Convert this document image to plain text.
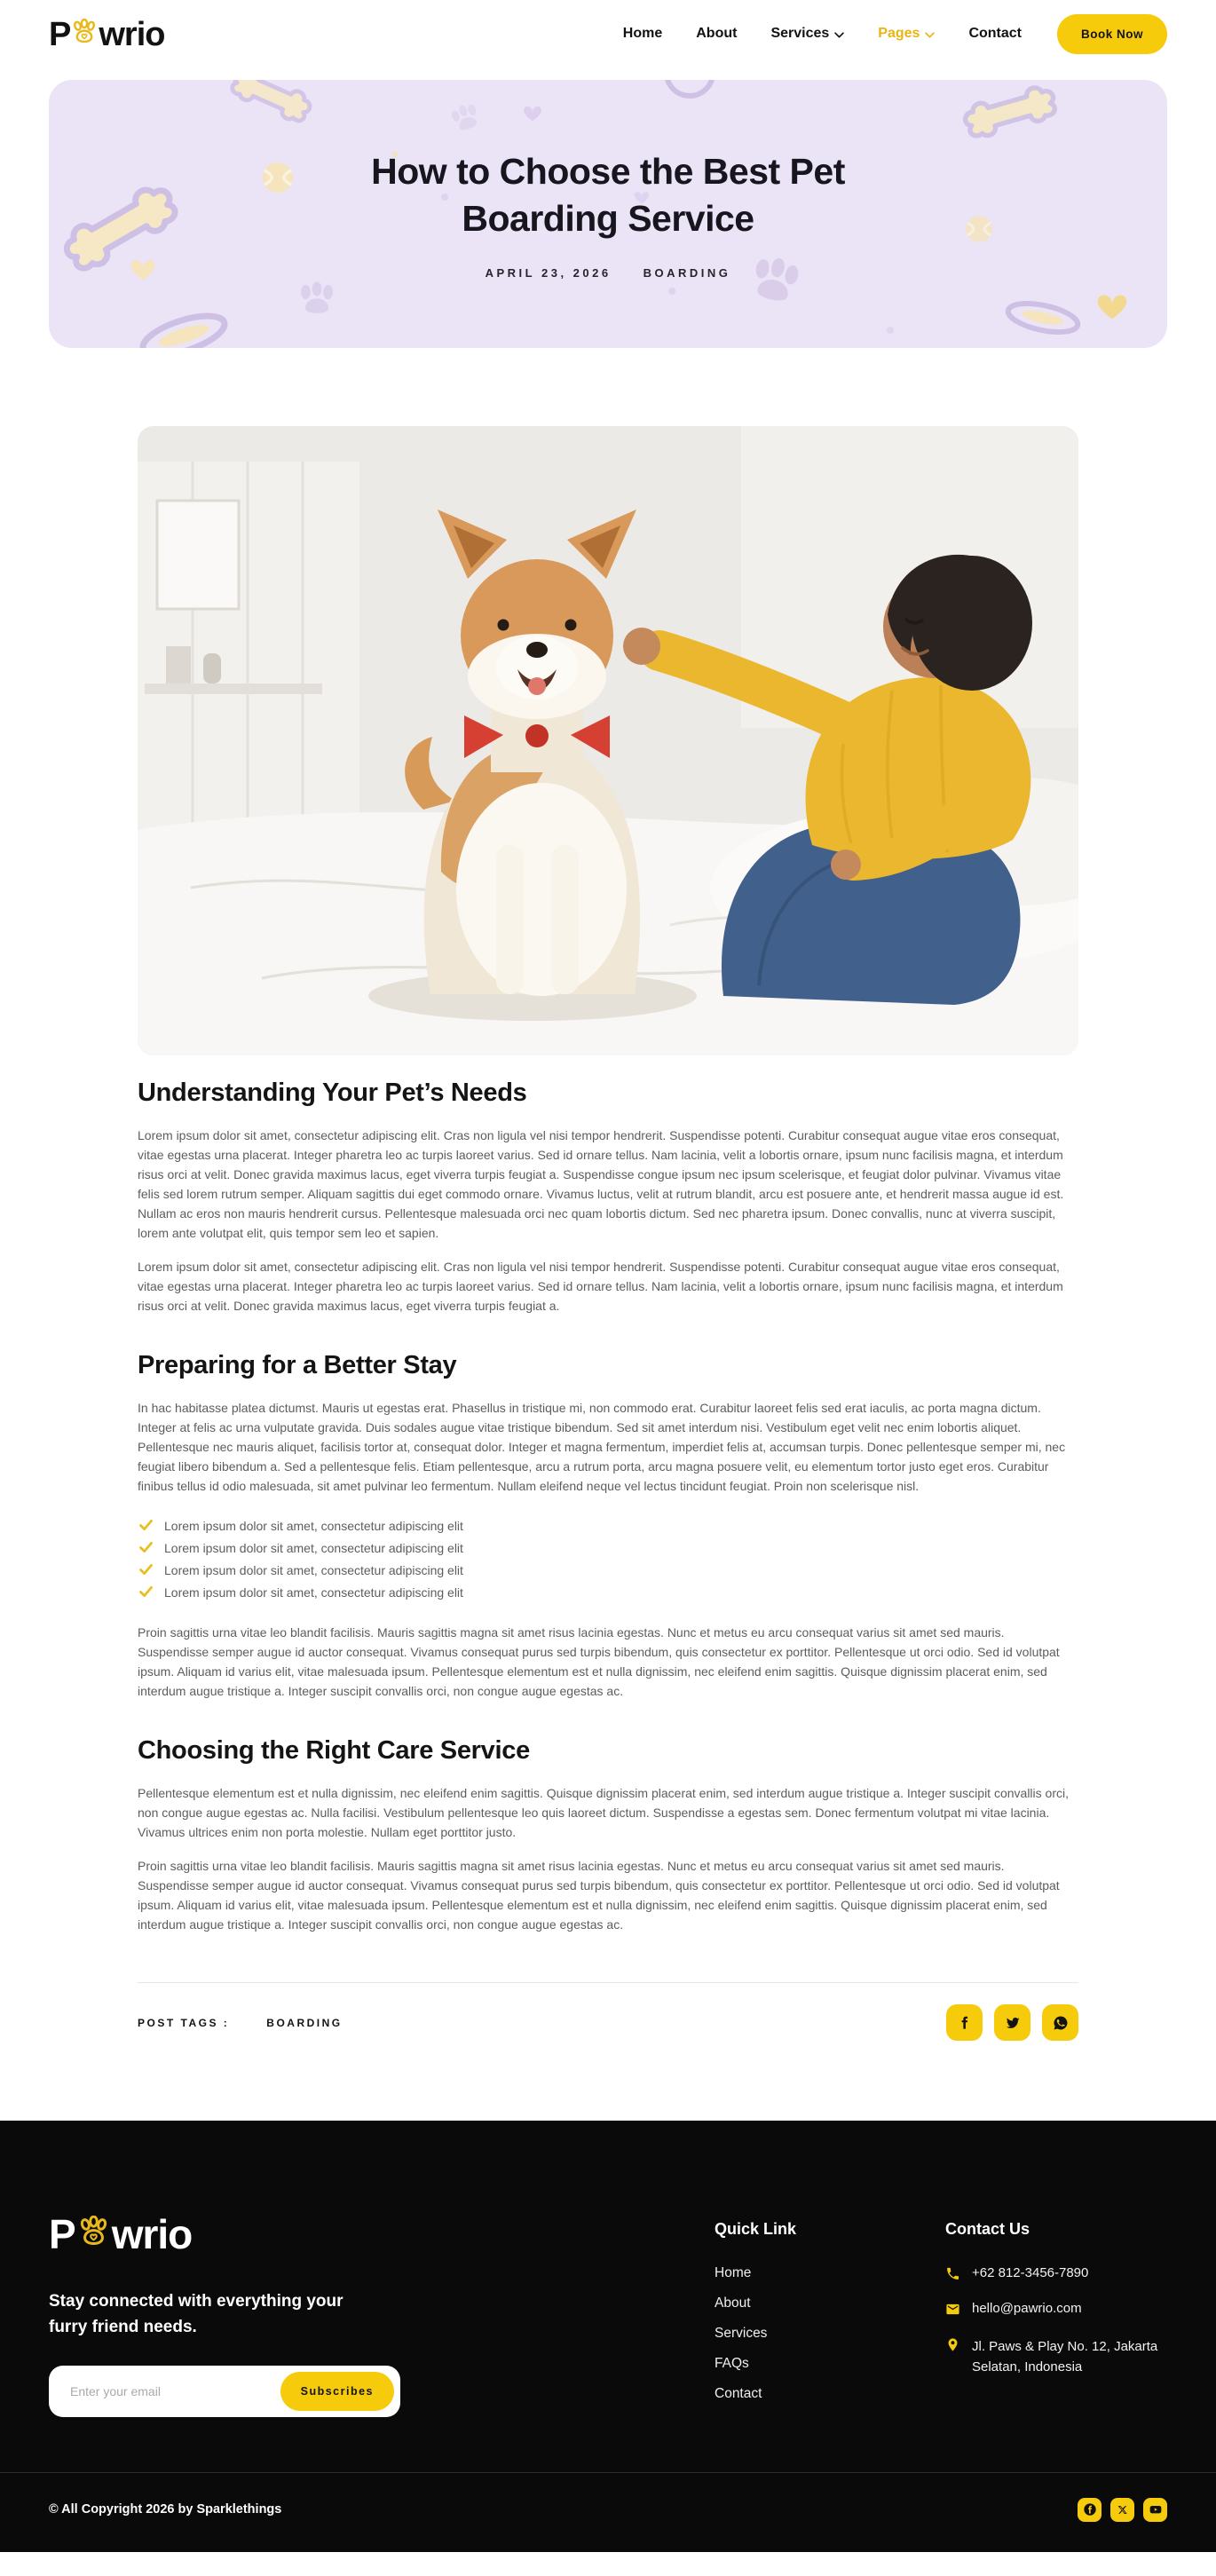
P wrio	Home About Services	Pages	Contact	Book Now
How to Choose the Best Pet Boarding Service
APRIL 23, 2026	BOARDING
Understanding Your Pet’s Needs

Lorem ipsum dolor sit amet, consectetur adipiscing elit. Cras non ligula vel nisi tempor hendrerit. Suspendisse potenti. Curabitur consequat augue vitae eros consequat, vitae egestas urna placerat. Integer pharetra leo ac turpis laoreet varius. Sed id ornare tellus. Nam lacinia, velit a lobortis ornare, ipsum nunc facilisis magna, et interdum risus orci at velit. Donec gravida maximus lacus, eget viverra turpis feugiat a. Suspendisse congue ipsum nec ipsum scelerisque, et feugiat dolor pulvinar. Vivamus vitae felis sed lorem rutrum semper. Aliquam sagittis dui eget commodo ornare. Vivamus luctus, velit at rutrum blandit, arcu est posuere ante, et hendrerit massa augue id est. Nullam ac eros non mauris hendrerit cursus. Pellentesque malesuada orci nec quam lobortis dictum. Sed nec pharetra ipsum. Donec convallis, nunc at viverra suscipit, lorem ante volutpat elit, quis tempor sem leo et sapien.

Lorem ipsum dolor sit amet, consectetur adipiscing elit. Cras non ligula vel nisi tempor hendrerit. Suspendisse potenti. Curabitur consequat augue vitae eros consequat, vitae egestas urna placerat. Integer pharetra leo ac turpis laoreet varius. Sed id ornare tellus. Nam lacinia, velit a lobortis ornare, ipsum nunc facilisis magna, et interdum risus orci at velit. Donec gravida maximus lacus, eget viverra turpis feugiat a.

Preparing for a Better Stay

In hac habitasse platea dictumst. Mauris ut egestas erat. Phasellus in tristique mi, non commodo erat. Curabitur laoreet felis sed erat iaculis, ac porta magna dictum. Integer at felis ac urna vulputate gravida. Duis sodales augue vitae tristique bibendum. Sed sit amet interdum nisi. Vestibulum eget velit nec enim lobortis aliquet. Pellentesque nec mauris aliquet, facilisis tortor at, consequat dolor. Integer et magna fermentum, imperdiet felis at, accumsan turpis. Donec pellentesque semper mi, nec feugiat libero bibendum a. Sed a pellentesque felis. Etiam pellentesque, arcu a rutrum porta, arcu magna posuere velit, eu elementum tortor justo eget eros. Curabitur finibus tellus id odio malesuada, sit amet pulvinar leo fermentum. Nullam eleifend neque vel lectus tincidunt feugiat. Proin non scelerisque nisl.

Lorem ipsum dolor sit amet, consectetur adipiscing elit
Lorem ipsum dolor sit amet, consectetur adipiscing elit
Lorem ipsum dolor sit amet, consectetur adipiscing elit
Lorem ipsum dolor sit amet, consectetur adipiscing elit

Proin sagittis urna vitae leo blandit facilisis. Mauris sagittis magna sit amet risus lacinia egestas. Nunc et metus eu arcu consequat varius sit amet sed mauris. Suspendisse semper augue id auctor consequat. Vivamus consequat purus sed turpis bibendum, quis consectetur ex porttitor. Pellentesque ut orci odio. Sed id volutpat ipsum. Aliquam id varius elit, vitae malesuada ipsum. Pellentesque elementum est et nulla dignissim, nec eleifend enim sagittis. Quisque dignissim placerat enim, sed interdum augue tristique a. Integer suscipit convallis orci, non congue augue egestas ac.

Choosing the Right Care Service

Pellentesque elementum est et nulla dignissim, nec eleifend enim sagittis. Quisque dignissim placerat enim, sed interdum augue tristique a. Integer suscipit convallis orci, non congue augue egestas ac. Nulla facilisi. Vestibulum pellentesque leo quis laoreet dictum. Suspendisse a egestas sem. Donec fermentum volutpat mi vitae lacinia. Vivamus ultrices enim non porta molestie. Nullam eget porttitor justo.

Proin sagittis urna vitae leo blandit facilisis. Mauris sagittis magna sit amet risus lacinia egestas. Nunc et metus eu arcu consequat varius sit amet sed mauris. Suspendisse semper augue id auctor consequat. Vivamus consequat purus sed turpis bibendum, quis consectetur ex porttitor. Pellentesque ut orci odio. Sed id volutpat ipsum. Aliquam id varius elit, vitae malesuada ipsum. Pellentesque elementum est et nulla dignissim, nec eleifend enim sagittis. Quisque dignissim placerat enim, sed interdum augue tristique a. Integer suscipit convallis orci, non congue augue egestas ac.

POST TAGS :	BOARDING
P wrio

Stay connected with everything your furry friend needs.

Enter your email
Subscribes
Quick Link
Home
About
Services
FAQs
Contact
Contact Us
+62 812-3456-7890
hello@pawrio.com
Jl. Paws & Play No. 12, Jakarta Selatan, Indonesia

© All Copyright 2026 by Sparklethings
